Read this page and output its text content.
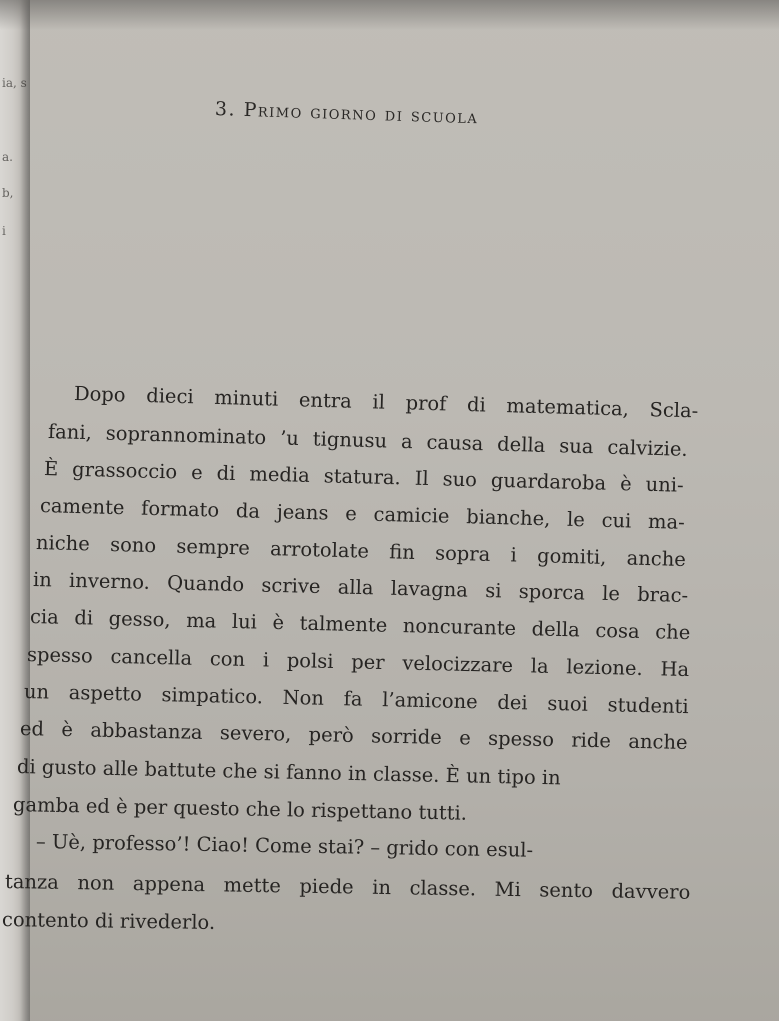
ia, s
a.
b,
i
3. Primo giorno di scuola
Dopo dieci minuti entra il prof di matematica, Scla-
fani, soprannominato ’u tignusu a causa della sua calvizie.
È grassoccio e di media statura. Il suo guardaroba è uni-
camente formato da jeans e camicie bianche, le cui ma-
niche sono sempre arrotolate fin sopra i gomiti, anche
in inverno. Quando scrive alla lavagna si sporca le brac-
cia di gesso, ma lui è talmente noncurante della cosa che
spesso cancella con i polsi per velocizzare la lezione. Ha
un aspetto simpatico. Non fa l’amicone dei suoi studenti
ed è abbastanza severo, però sorride e spesso ride anche
di gusto alle battute che si fanno in classe. È un tipo in
gamba ed è per questo che lo rispettano tutti.
– Uè, professo’! Ciao! Come stai? – grido con esul-
tanza non appena mette piede in classe. Mi sento davvero
contento di rivederlo.
